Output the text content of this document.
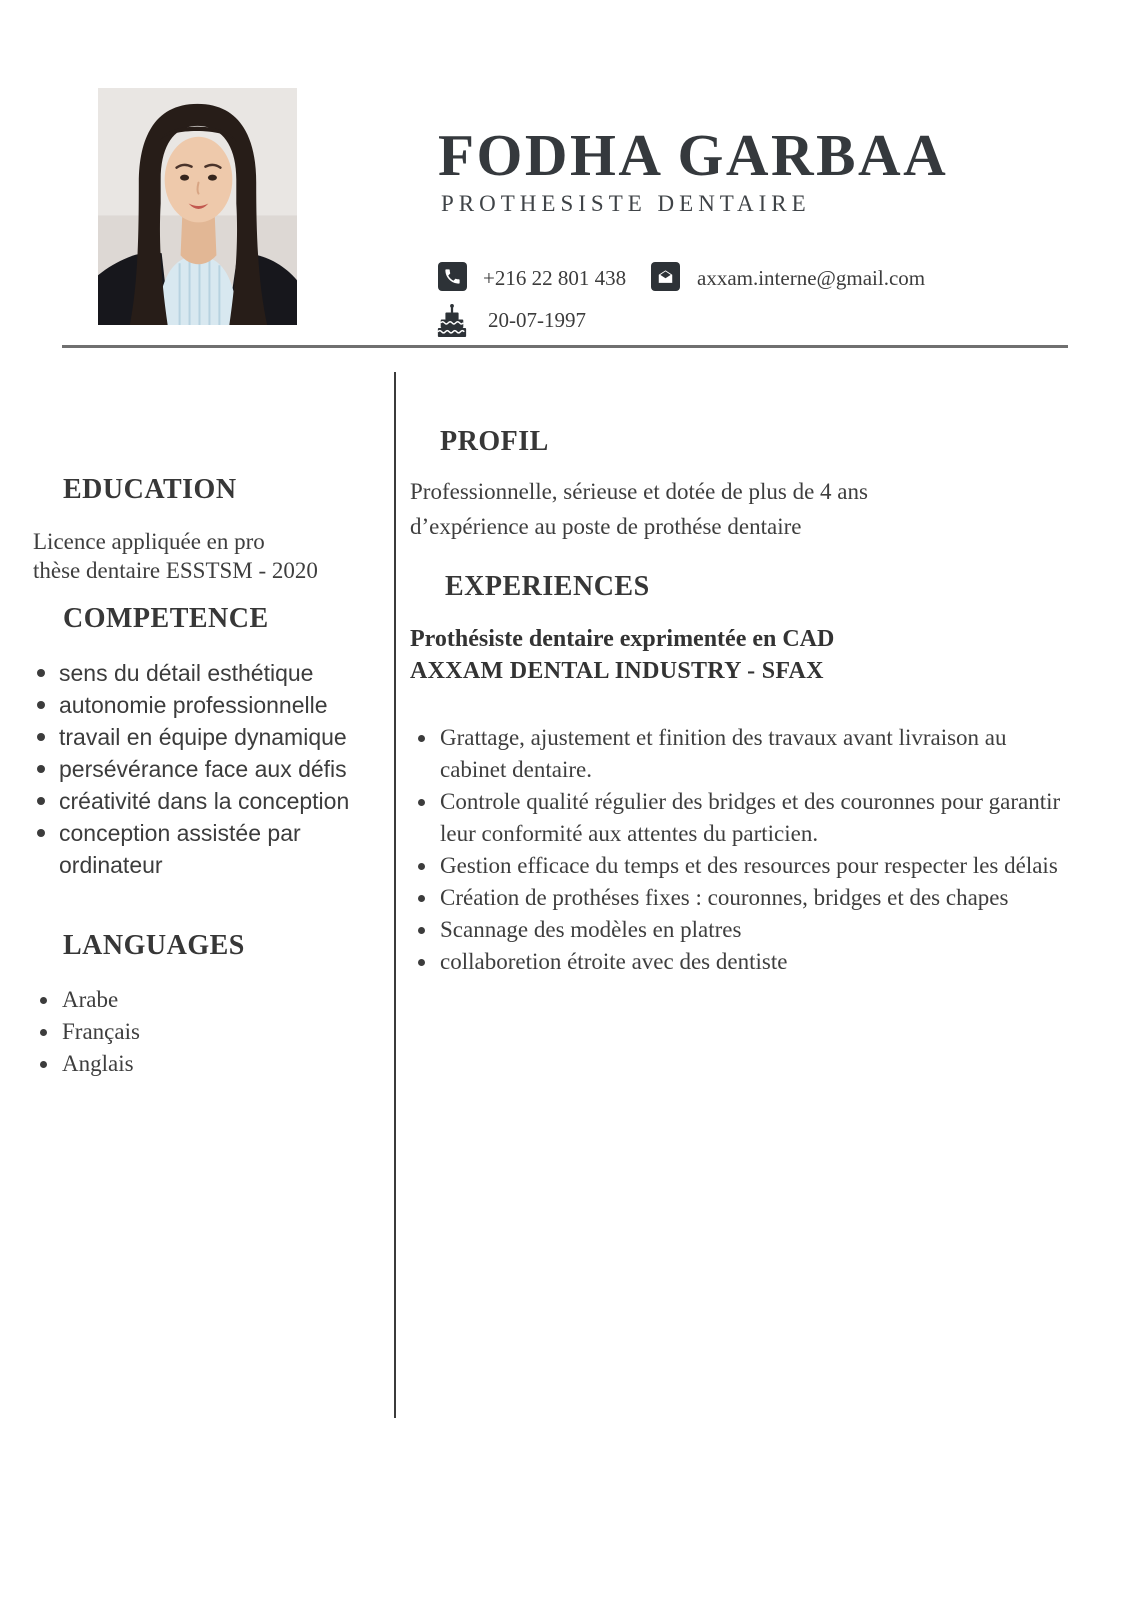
FODHA GARBAA
PROTHESISTE DENTAIRE
+216 22 801 438	axxam.interne@gmail.com
20-07-1997
EDUCATION
Licence appliquée en pro
thèse dentaire ESSTSM - 2020
COMPETENCE
sens du détail esthétique
autonomie professionnelle
travail en équipe dynamique
persévérance face aux défis
créativité dans la conception
conception assistée par ordinateur
LANGUAGES
Arabe
Français
Anglais
PROFIL
Professionnelle, sérieuse et dotée de plus de 4 ans d’expérience au poste de prothése dentaire
EXPERIENCES
Prothésiste dentaire exprimentée en CAD
AXXAM DENTAL INDUSTRY - SFAX
Grattage, ajustement et finition des travaux avant livraison au cabinet dentaire.
Controle qualité régulier des bridges et des couronnes pour garantir leur conformité aux attentes du particien.
Gestion efficace du temps et des resources pour respecter les délais
Création de prothéses fixes : couronnes, bridges et des chapes
Scannage des modèles en platres
collaboretion étroite avec des dentiste
